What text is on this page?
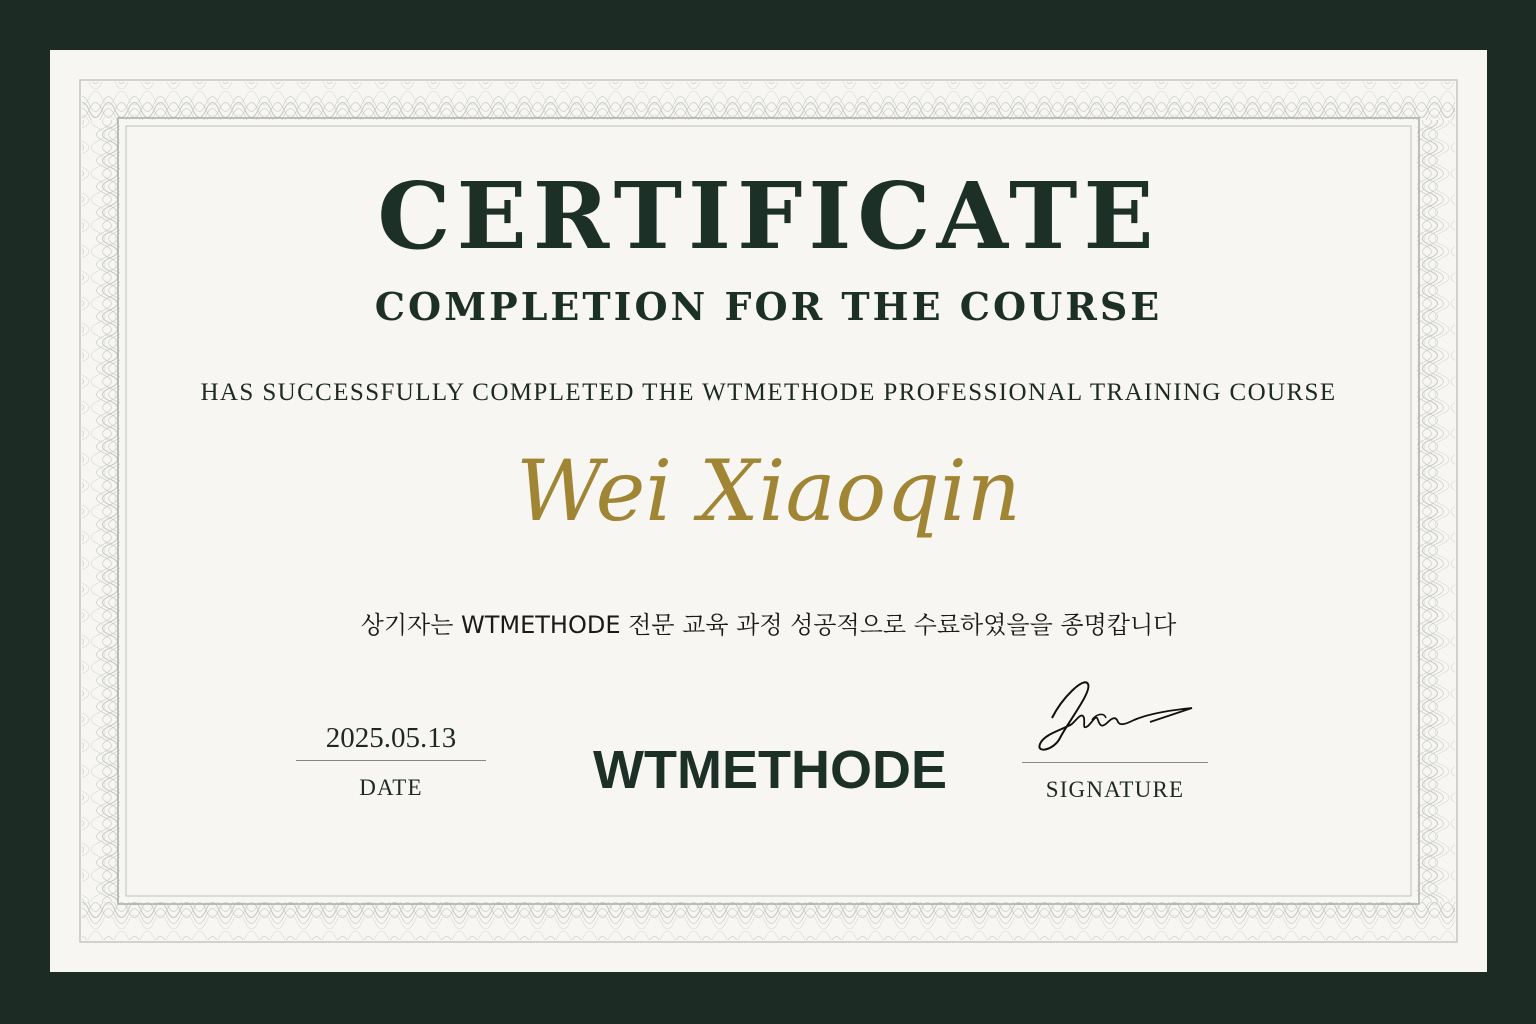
CERTIFICATE
COMPLETION FOR THE COURSE
HAS SUCCESSFULLY COMPLETED THE WTMETHODE PROFESSIONAL TRAINING COURSE
Wei Xiaoqin
상기자는 WTMETHODE 전문 교육 과정 성공적으로 수료하였을을 종명캅니다
2025.05.13
DATE	WTMETHODE	SIGNATURE
